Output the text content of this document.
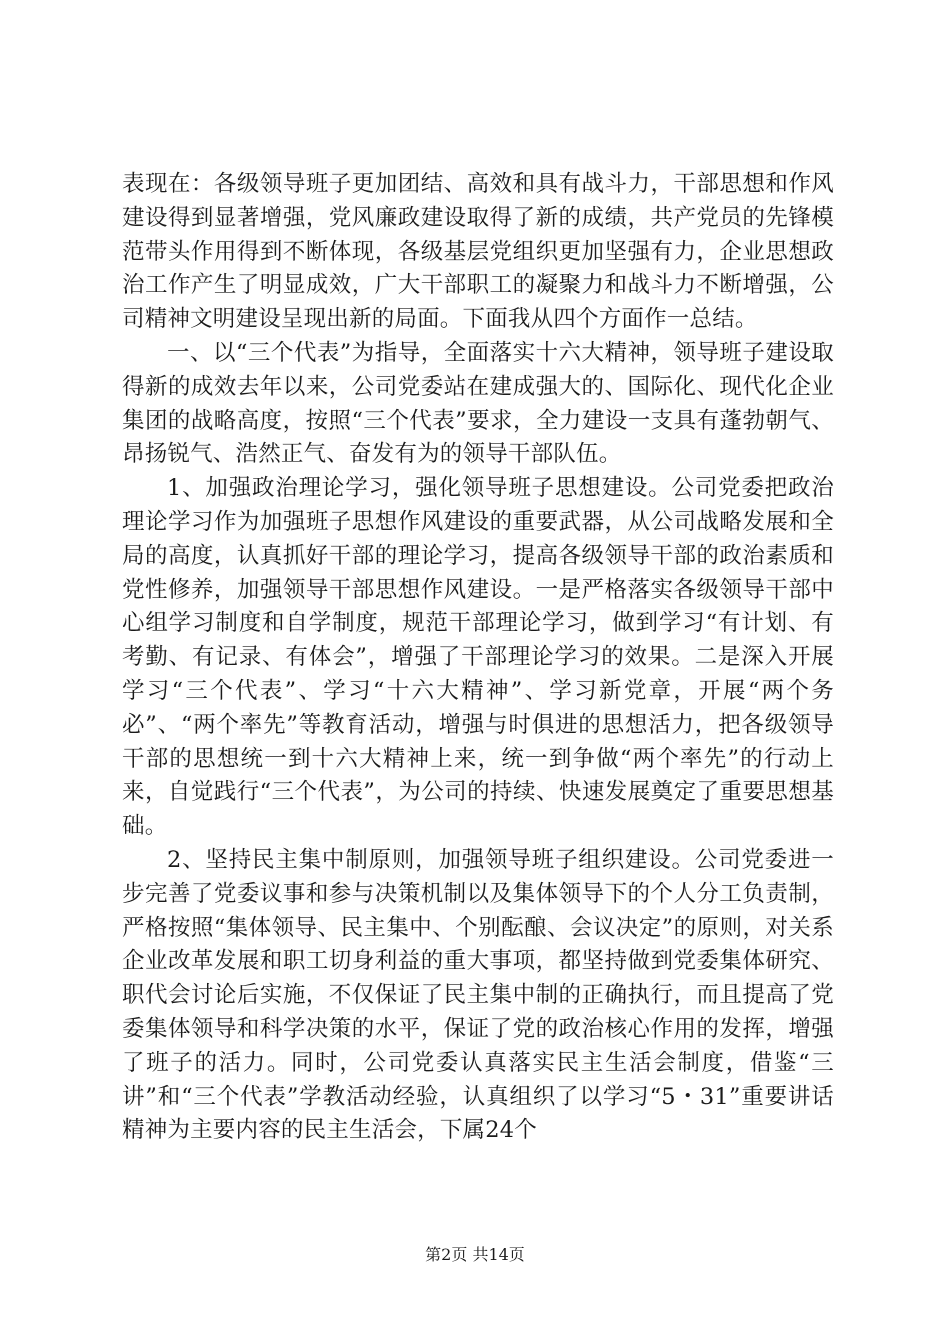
表现在：各级领导班子更加团结、高效和具有战斗力，干部思想和作风建设得到显著增强，党风廉政建设取得了新的成绩，共产党员的先锋模范带头作用得到不断体现，各级基层党组织更加坚强有力，企业思想政治工作产生了明显成效，广大干部职工的凝聚力和战斗力不断增强，公司精神文明建设呈现出新的局面。下面我从四个方面作一总结。

一、以“三个代表”为指导，全面落实十六大精神，领导班子建设取得新的成效去年以来，公司党委站在建成强大的、国际化、现代化企业集团的战略高度，按照“三个代表”要求，全力建设一支具有蓬勃朝气、昂扬锐气、浩然正气、奋发有为的领导干部队伍。

1、加强政治理论学习，强化领导班子思想建设。公司党委把政治理论学习作为加强班子思想作风建设的重要武器，从公司战略发展和全局的高度，认真抓好干部的理论学习，提高各级领导干部的政治素质和党性修养，加强领导干部思想作风建设。一是严格落实各级领导干部中心组学习制度和自学制度，规范干部理论学习，做到学习“有计划、有考勤、有记录、有体会”，增强了干部理论学习的效果。二是深入开展学习“三个代表”、学习“十六大精神”、学习新党章，开展“两个务必”、“两个率先”等教育活动，增强与时俱进的思想活力，把各级领导干部的思想统一到十六大精神上来，统一到争做“两个率先”的行动上来，自觉践行“三个代表”，为公司的持续、快速发展奠定了重要思想基础。

2、坚持民主集中制原则，加强领导班子组织建设。公司党委进一步完善了党委议事和参与决策机制以及集体领导下的个人分工负责制，严格按照“集体领导、民主集中、个别酝酿、会议决定”的原则，对关系企业改革发展和职工切身利益的重大事项，都坚持做到党委集体研究、职代会讨论后实施，不仅保证了民主集中制的正确执行，而且提高了党委集体领导和科学决策的水平，保证了党的政治核心作用的发挥，增强了班子的活力。同时，公司党委认真落实民主生活会制度，借鉴“三讲”和“三个代表”学教活动经验，认真组织了以学习“5・31”重要讲话精神为主要内容的民主生活会，下属24个

第2页 共14页
